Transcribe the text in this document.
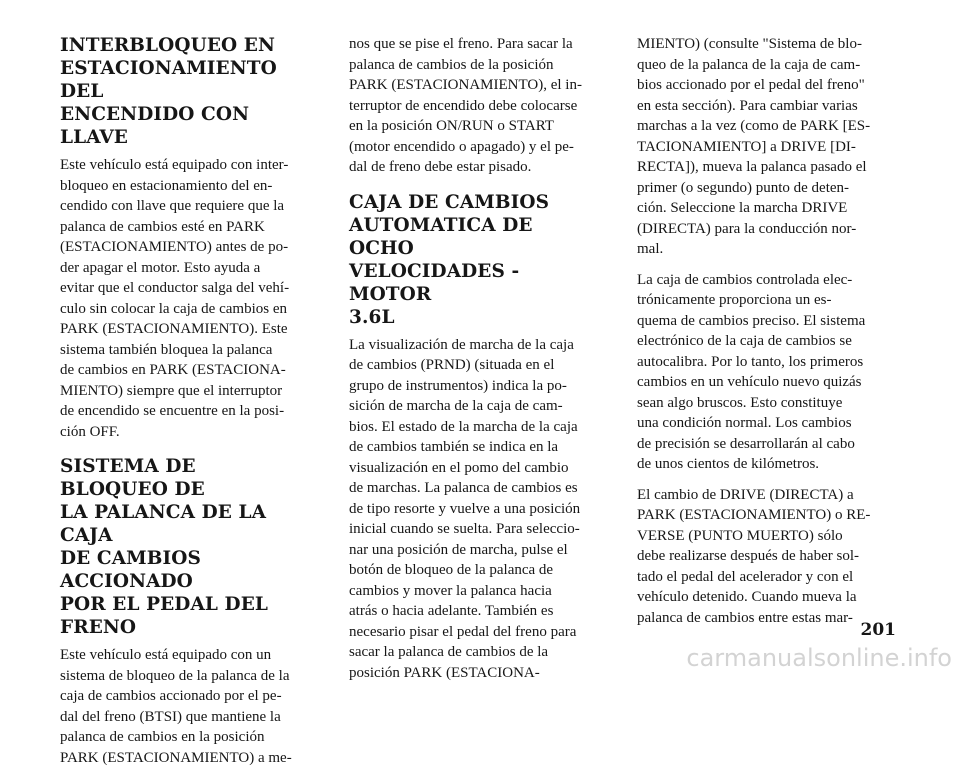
INTERBLOQUEO EN
ESTACIONAMIENTO DEL
ENCENDIDO CON LLAVE

Este vehículo está equipado con inter-
bloqueo en estacionamiento del en-
cendido con llave que requiere que la
palanca de cambios esté en PARK
(ESTACIONAMIENTO) antes de po-
der apagar el motor. Esto ayuda a
evitar que el conductor salga del vehí-
culo sin colocar la caja de cambios en
PARK (ESTACIONAMIENTO). Este
sistema también bloquea la palanca
de cambios en PARK (ESTACIONA-
MIENTO) siempre que el interruptor
de encendido se encuentre en la posi-
ción OFF.

SISTEMA DE BLOQUEO DE
LA PALANCA DE LA CAJA
DE CAMBIOS ACCIONADO
POR EL PEDAL DEL
FRENO

Este vehículo está equipado con un
sistema de bloqueo de la palanca de la
caja de cambios accionado por el pe-
dal del freno (BTSI) que mantiene la
palanca de cambios en la posición
PARK (ESTACIONAMIENTO) a me-

nos que se pise el freno. Para sacar la
palanca de cambios de la posición
PARK (ESTACIONAMIENTO), el in-
terruptor de encendido debe colocarse
en la posición ON/RUN o START
(motor encendido o apagado) y el pe-
dal de freno debe estar pisado.

CAJA DE CAMBIOS
AUTOMATICA DE OCHO
VELOCIDADES - MOTOR
3.6L

La visualización de marcha de la caja
de cambios (PRND) (situada en el
grupo de instrumentos) indica la po-
sición de marcha de la caja de cam-
bios. El estado de la marcha de la caja
de cambios también se indica en la
visualización en el pomo del cambio
de marchas. La palanca de cambios es
de tipo resorte y vuelve a una posición
inicial cuando se suelta. Para seleccio-
nar una posición de marcha, pulse el
botón de bloqueo de la palanca de
cambios y mover la palanca hacia
atrás o hacia adelante. También es
necesario pisar el pedal del freno para
sacar la palanca de cambios de la
posición PARK (ESTACIONA-

MIENTO) (consulte "Sistema de blo-
queo de la palanca de la caja de cam-
bios accionado por el pedal del freno"
en esta sección). Para cambiar varias
marchas a la vez (como de PARK [ES-
TACIONAMIENTO] a DRIVE [DI-
RECTA]), mueva la palanca pasado el
primer (o segundo) punto de deten-
ción. Seleccione la marcha DRIVE
(DIRECTA) para la conducción nor-
mal.

La caja de cambios controlada elec-
trónicamente proporciona un es-
quema de cambios preciso. El sistema
electrónico de la caja de cambios se
autocalibra. Por lo tanto, los primeros
cambios en un vehículo nuevo quizás
sean algo bruscos. Esto constituye
una condición normal. Los cambios
de precisión se desarrollarán al cabo
de unos cientos de kilómetros.

El cambio de DRIVE (DIRECTA) a
PARK (ESTACIONAMIENTO) o RE-
VERSE (PUNTO MUERTO) sólo
debe realizarse después de haber sol-
tado el pedal del acelerador y con el
vehículo detenido. Cuando mueva la
palanca de cambios entre estas mar-

201
carmanualsonline.info
